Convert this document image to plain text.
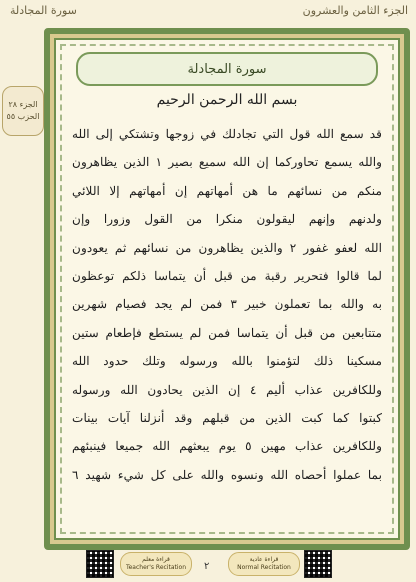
الجزء الثامن والعشرون
سورة المجادلة
الجزء ٢٨
الحزب ٥٥
سورة المجادلة
بسم الله الرحمن الرحيم
قد سمع الله قول التي تجادلك في زوجها وتشتكي إلى الله
والله يسمع تحاوركما إن الله سميع بصير ١ الذين يظاهرون
منكم من نسائهم ما هن أمهاتهم إن أمهاتهم إلا اللائي
ولدنهم وإنهم ليقولون منكرا من القول وزورا وإن
الله لعفو غفور ٢ والذين يظاهرون من نسائهم ثم يعودون
لما قالوا فتحرير رقبة من قبل أن يتماسا ذلكم توعظون
به والله بما تعملون خبير ٣ فمن لم يجد فصيام شهرين
متتابعين من قبل أن يتماسا فمن لم يستطع فإطعام ستين
مسكينا ذلك لتؤمنوا بالله ورسوله وتلك حدود الله
وللكافرين عذاب أليم ٤ إن الذين يحادون الله ورسوله
كبتوا كما كبت الذين من قبلهم وقد أنزلنا آيات بينات
وللكافرين عذاب مهين ٥ يوم يبعثهم الله جميعا فينبئهم
بما عملوا أحصاه الله ونسوه والله على كل شيء شهيد ٦
قراءة معلم
Teacher's Recitation ٢
قراءة عادية
Normal Recitation
